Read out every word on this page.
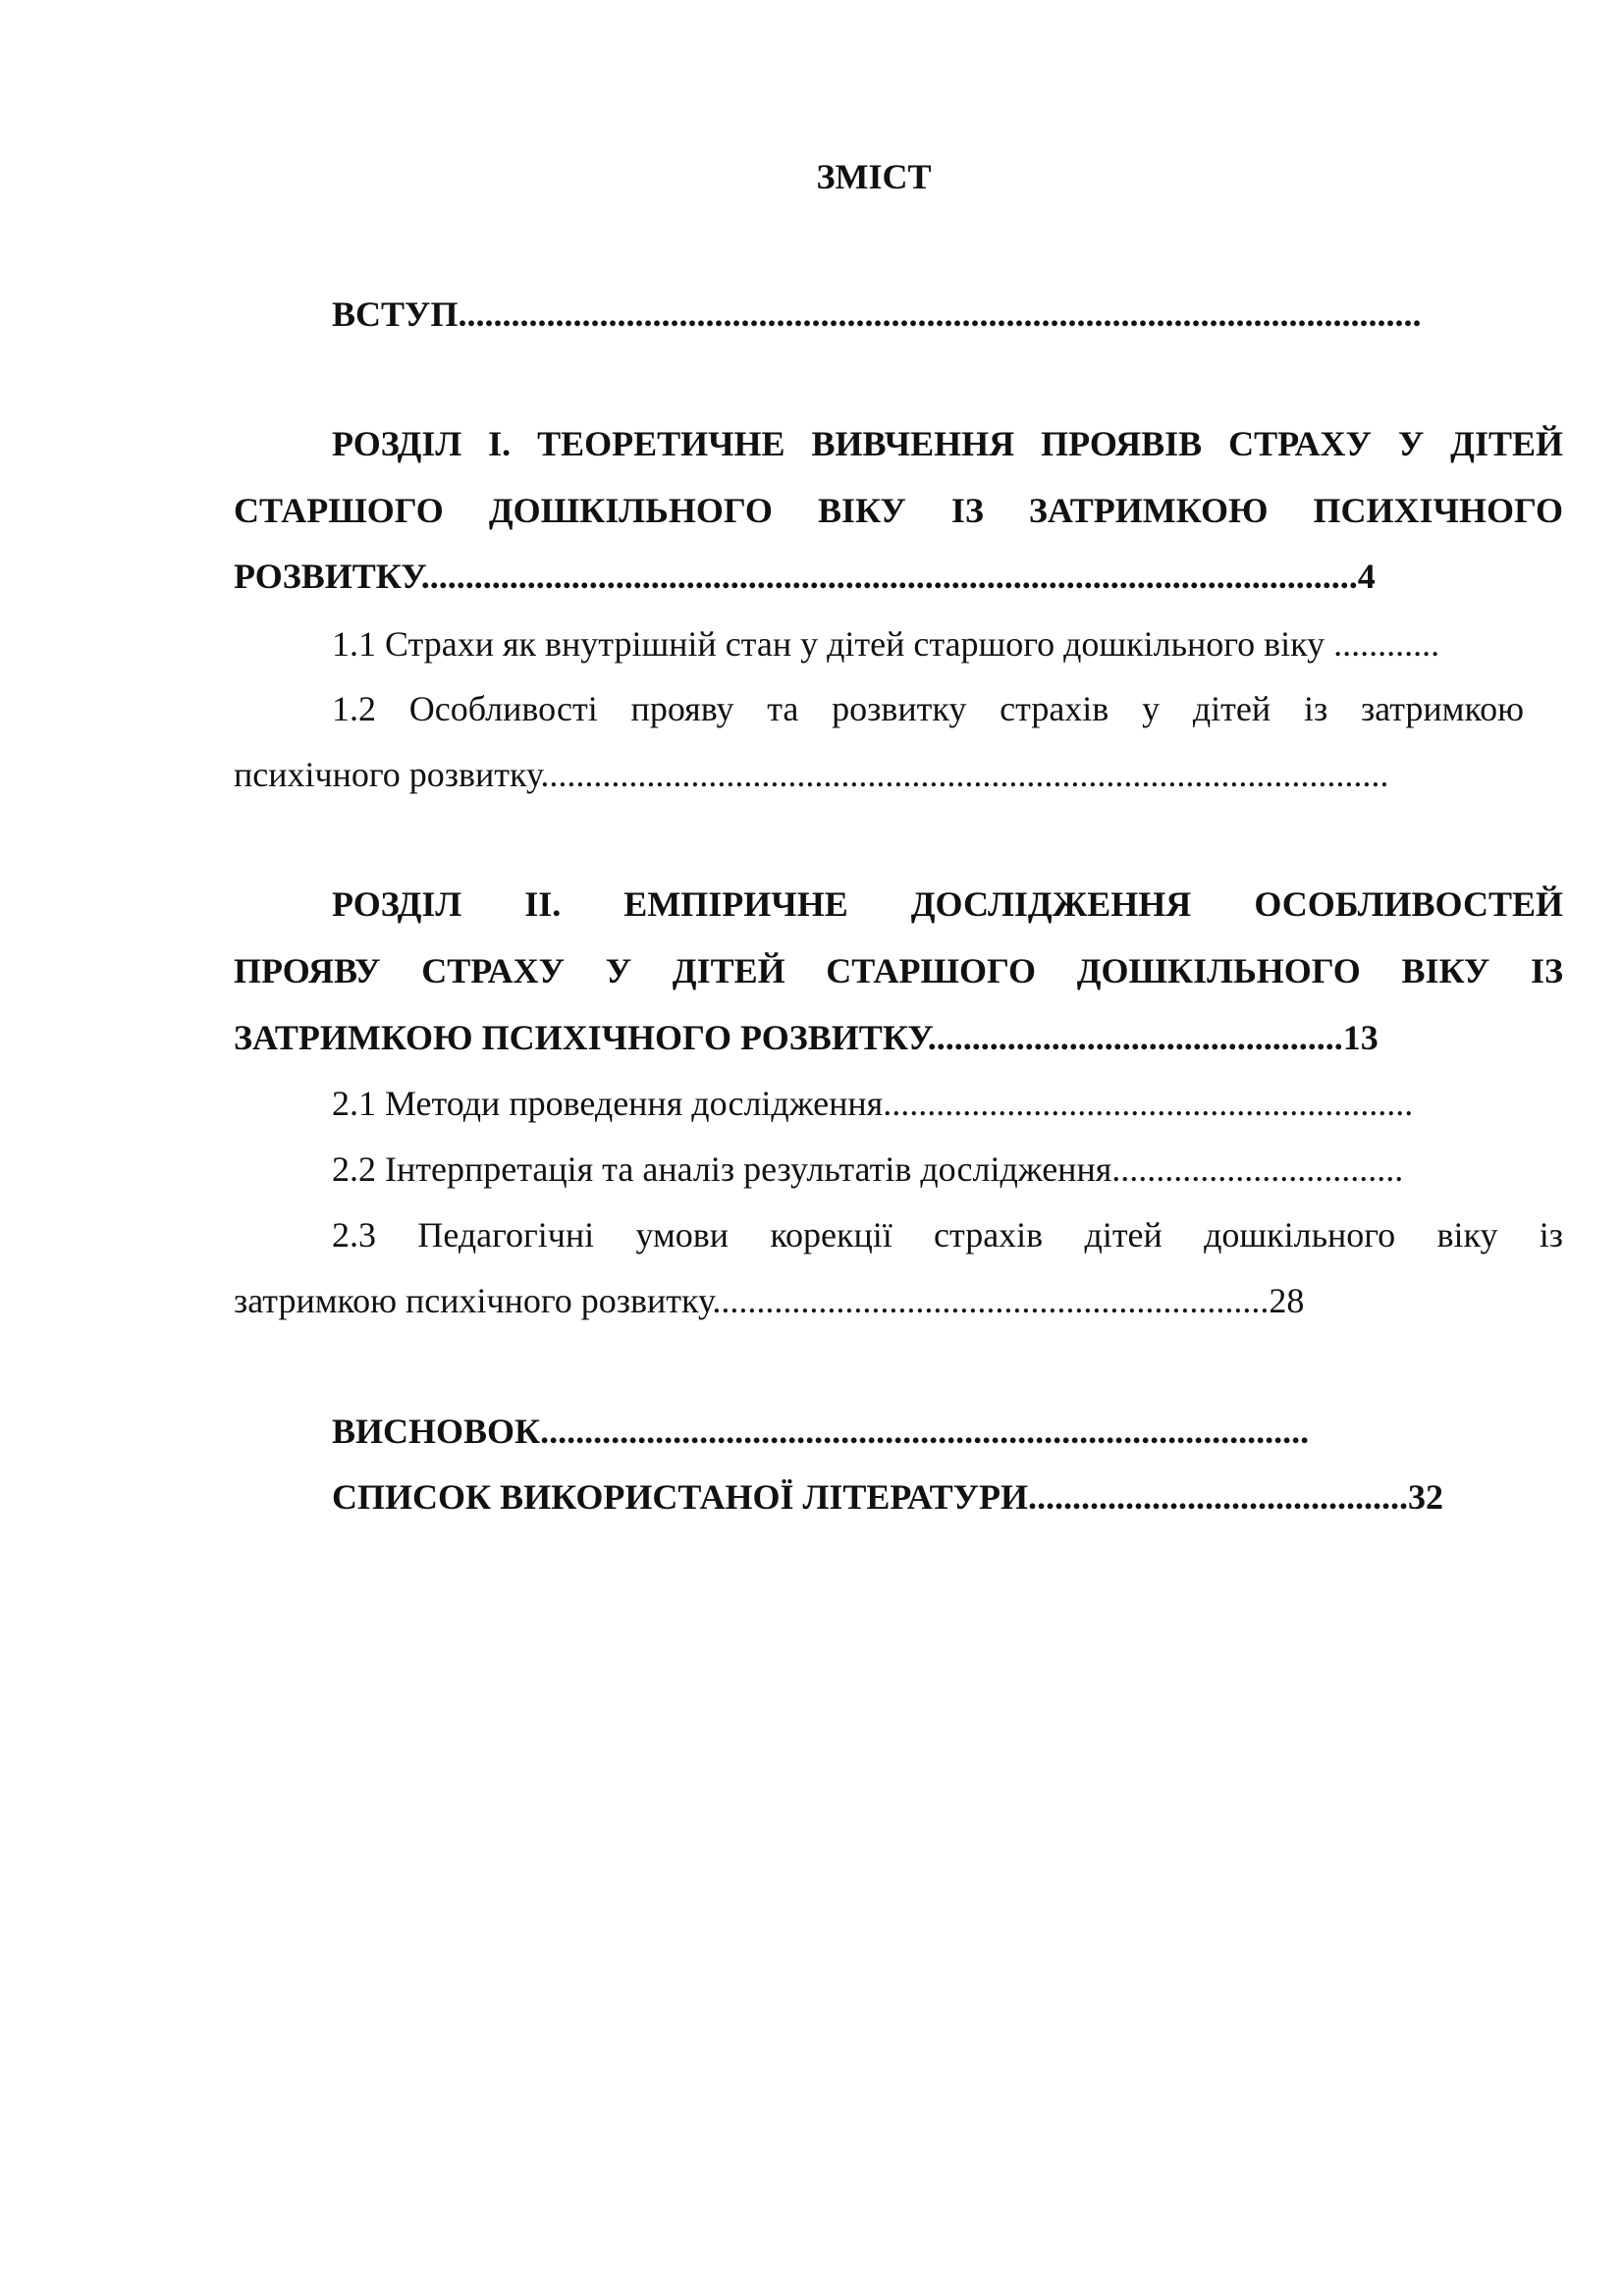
ЗМІСТ
ВСТУП.............................................................................................................
РОЗДІЛ І. ТЕОРЕТИЧНЕ ВИВЧЕННЯ ПРОЯВІВ СТРАХУ У ДІТЕЙ
СТАРШОГО ДОШКІЛЬНОГО ВІКУ ІЗ ЗАТРИМКОЮ ПСИХІЧНОГО
РОЗВИТКУ..........................................................................................................4
1.1 Страхи як внутрішній стан у дітей старшого дошкільного віку ............
1.2 Особливості прояву та розвитку страхів у дітей із затримкою
психічного розвитку................................................................................................
РОЗДІЛ ІІ. ЕМПІРИЧНЕ ДОСЛІДЖЕННЯ ОСОБЛИВОСТЕЙ
ПРОЯВУ СТРАХУ У ДІТЕЙ СТАРШОГО ДОШКІЛЬНОГО ВІКУ ІЗ
ЗАТРИМКОЮ ПСИХІЧНОГО РОЗВИТКУ...............................................13
2.1 Методи проведення дослідження............................................................
2.2 Інтерпретація та аналіз результатів дослідження.................................
2.3 Педагогічні умови корекції страхів дітей дошкільного віку із
затримкою психічного розвитку...............................................................28
ВИСНОВОК.......................................................................................
СПИСОК ВИКОРИСТАНОЇ ЛІТЕРАТУРИ...........................................32
